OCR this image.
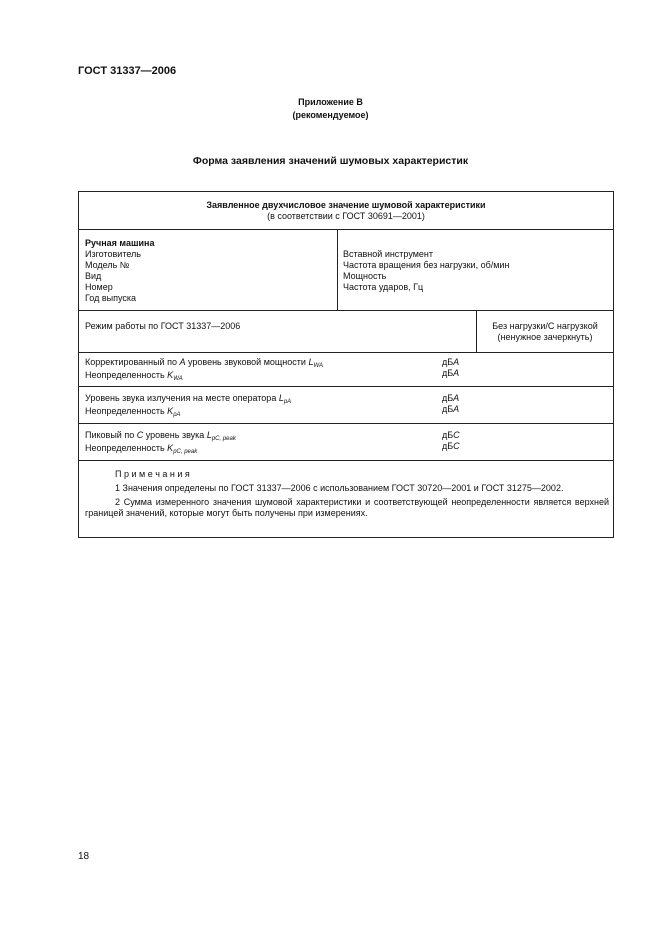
ГОСТ 31337—2006
Приложение В
(рекомендуемое)
Форма заявления значений шумовых характеристик
Заявленное двухчисловое значение шумовой характеристики
(в соответствии с ГОСТ 30691—2001)
Ручная машина
Изготовитель
Модель №
Вид
Номер
Год выпуска
Вставной инструмент
Частота вращения без нагрузки, об/мин
Мощность
Частота ударов, Гц
Режим работы по ГОСТ 31337—2006	Без нагрузки/С нагрузкой
(ненужное зачеркнуть)
Корректированный по А уровень звуковой мощности $L_{WA}$
Неопределенность $K_{WA}$
дБА
дБА
Уровень звука излучения на месте оператора $L_{pA}$
Неопределенность $K_{pA}$
дБА
дБА
Пиковый по С уровень звука $L_{pC, peak}$
Неопределенность $K_{pC, peak}$
дБС
дБС
П р и м е ч а н и я
1 Значения определены по ГОСТ 31337—2006 с использованием ГОСТ 30720—2001 и ГОСТ 31275—2002.
2 Сумма измеренного значения шумовой характеристики и соответствующей неопределенности является верхней границей значений, которые могут быть получены при измерениях.
18
